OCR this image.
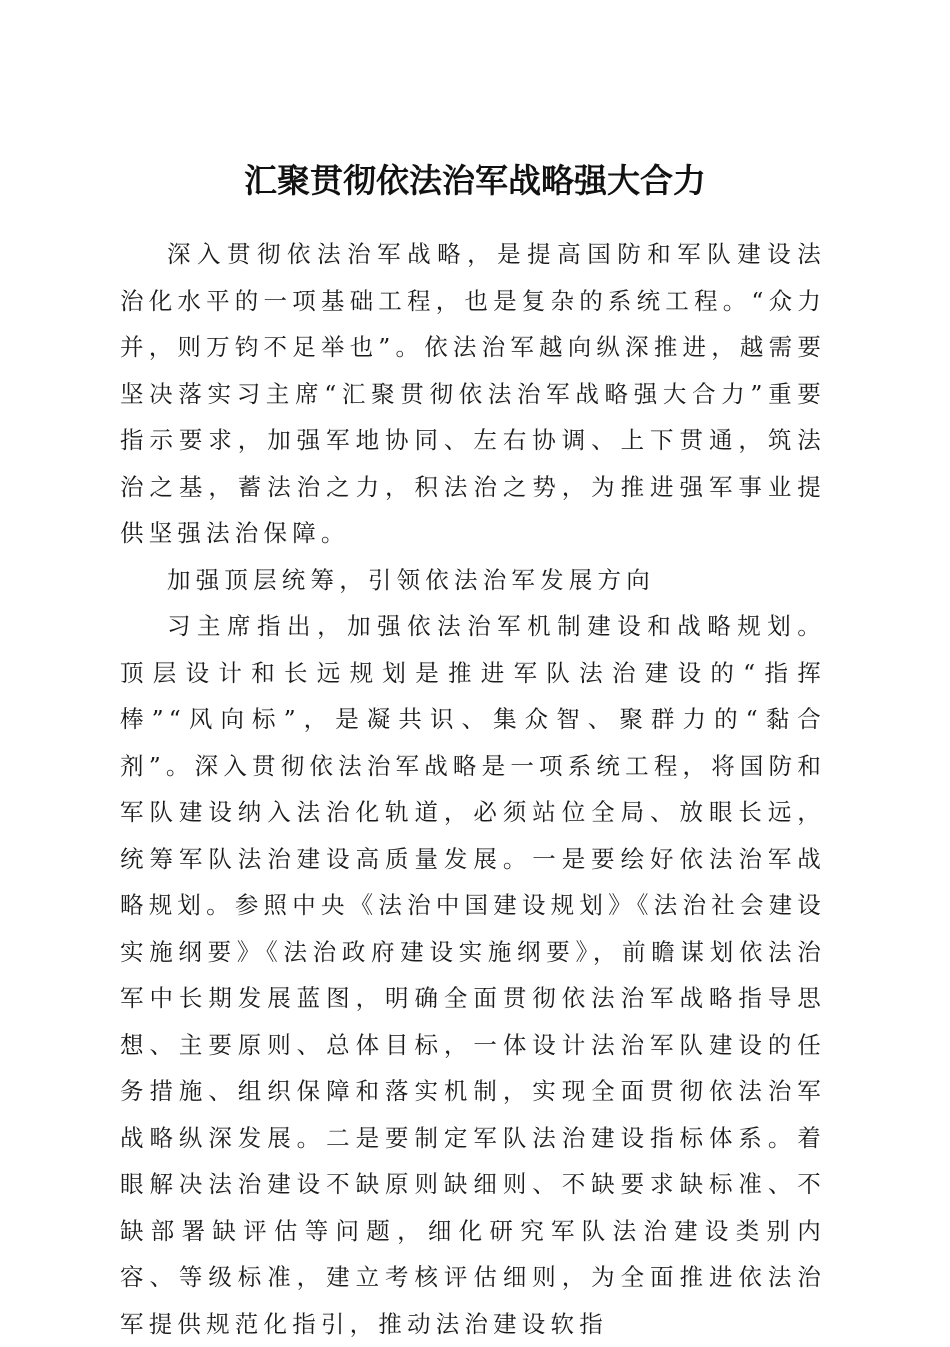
汇聚贯彻依法治军战略强大合力

深入贯彻依法治军战略，是提高国防和军队建设法治化水平的一项基础工程，也是复杂的系统工程。“众力并，则万钧不足举也”。依法治军越向纵深推进，越需要坚决落实习主席“汇聚贯彻依法治军战略强大合力”重要指示要求，加强军地协同、左右协调、上下贯通，筑法治之基，蓄法治之力，积法治之势，为推进强军事业提供坚强法治保障。

加强顶层统筹，引领依法治军发展方向

习主席指出，加强依法治军机制建设和战略规划。顶层设计和长远规划是推进军队法治建设的“指挥棒”“风向标”，是凝共识、集众智、聚群力的“黏合剂”。深入贯彻依法治军战略是一项系统工程，将国防和军队建设纳入法治化轨道，必须站位全局、放眼长远，统筹军队法治建设高质量发展。一是要绘好依法治军战略规划。参照中央《法治中国建设规划》《法治社会建设实施纲要》《法治政府建设实施纲要》，前瞻谋划依法治军中长期发展蓝图，明确全面贯彻依法治军战略指导思想、主要原则、总体目标，一体设计法治军队建设的任务措施、组织保障和落实机制，实现全面贯彻依法治军战略纵深发展。二是要制定军队法治建设指标体系。着眼解决法治建设不缺原则缺细则、不缺要求缺标准、不缺部署缺评估等问题，细化研究军队法治建设类别内容、等级标准，建立考核评估细则，为全面推进依法治军提供规范化指引，推动法治建设软指
